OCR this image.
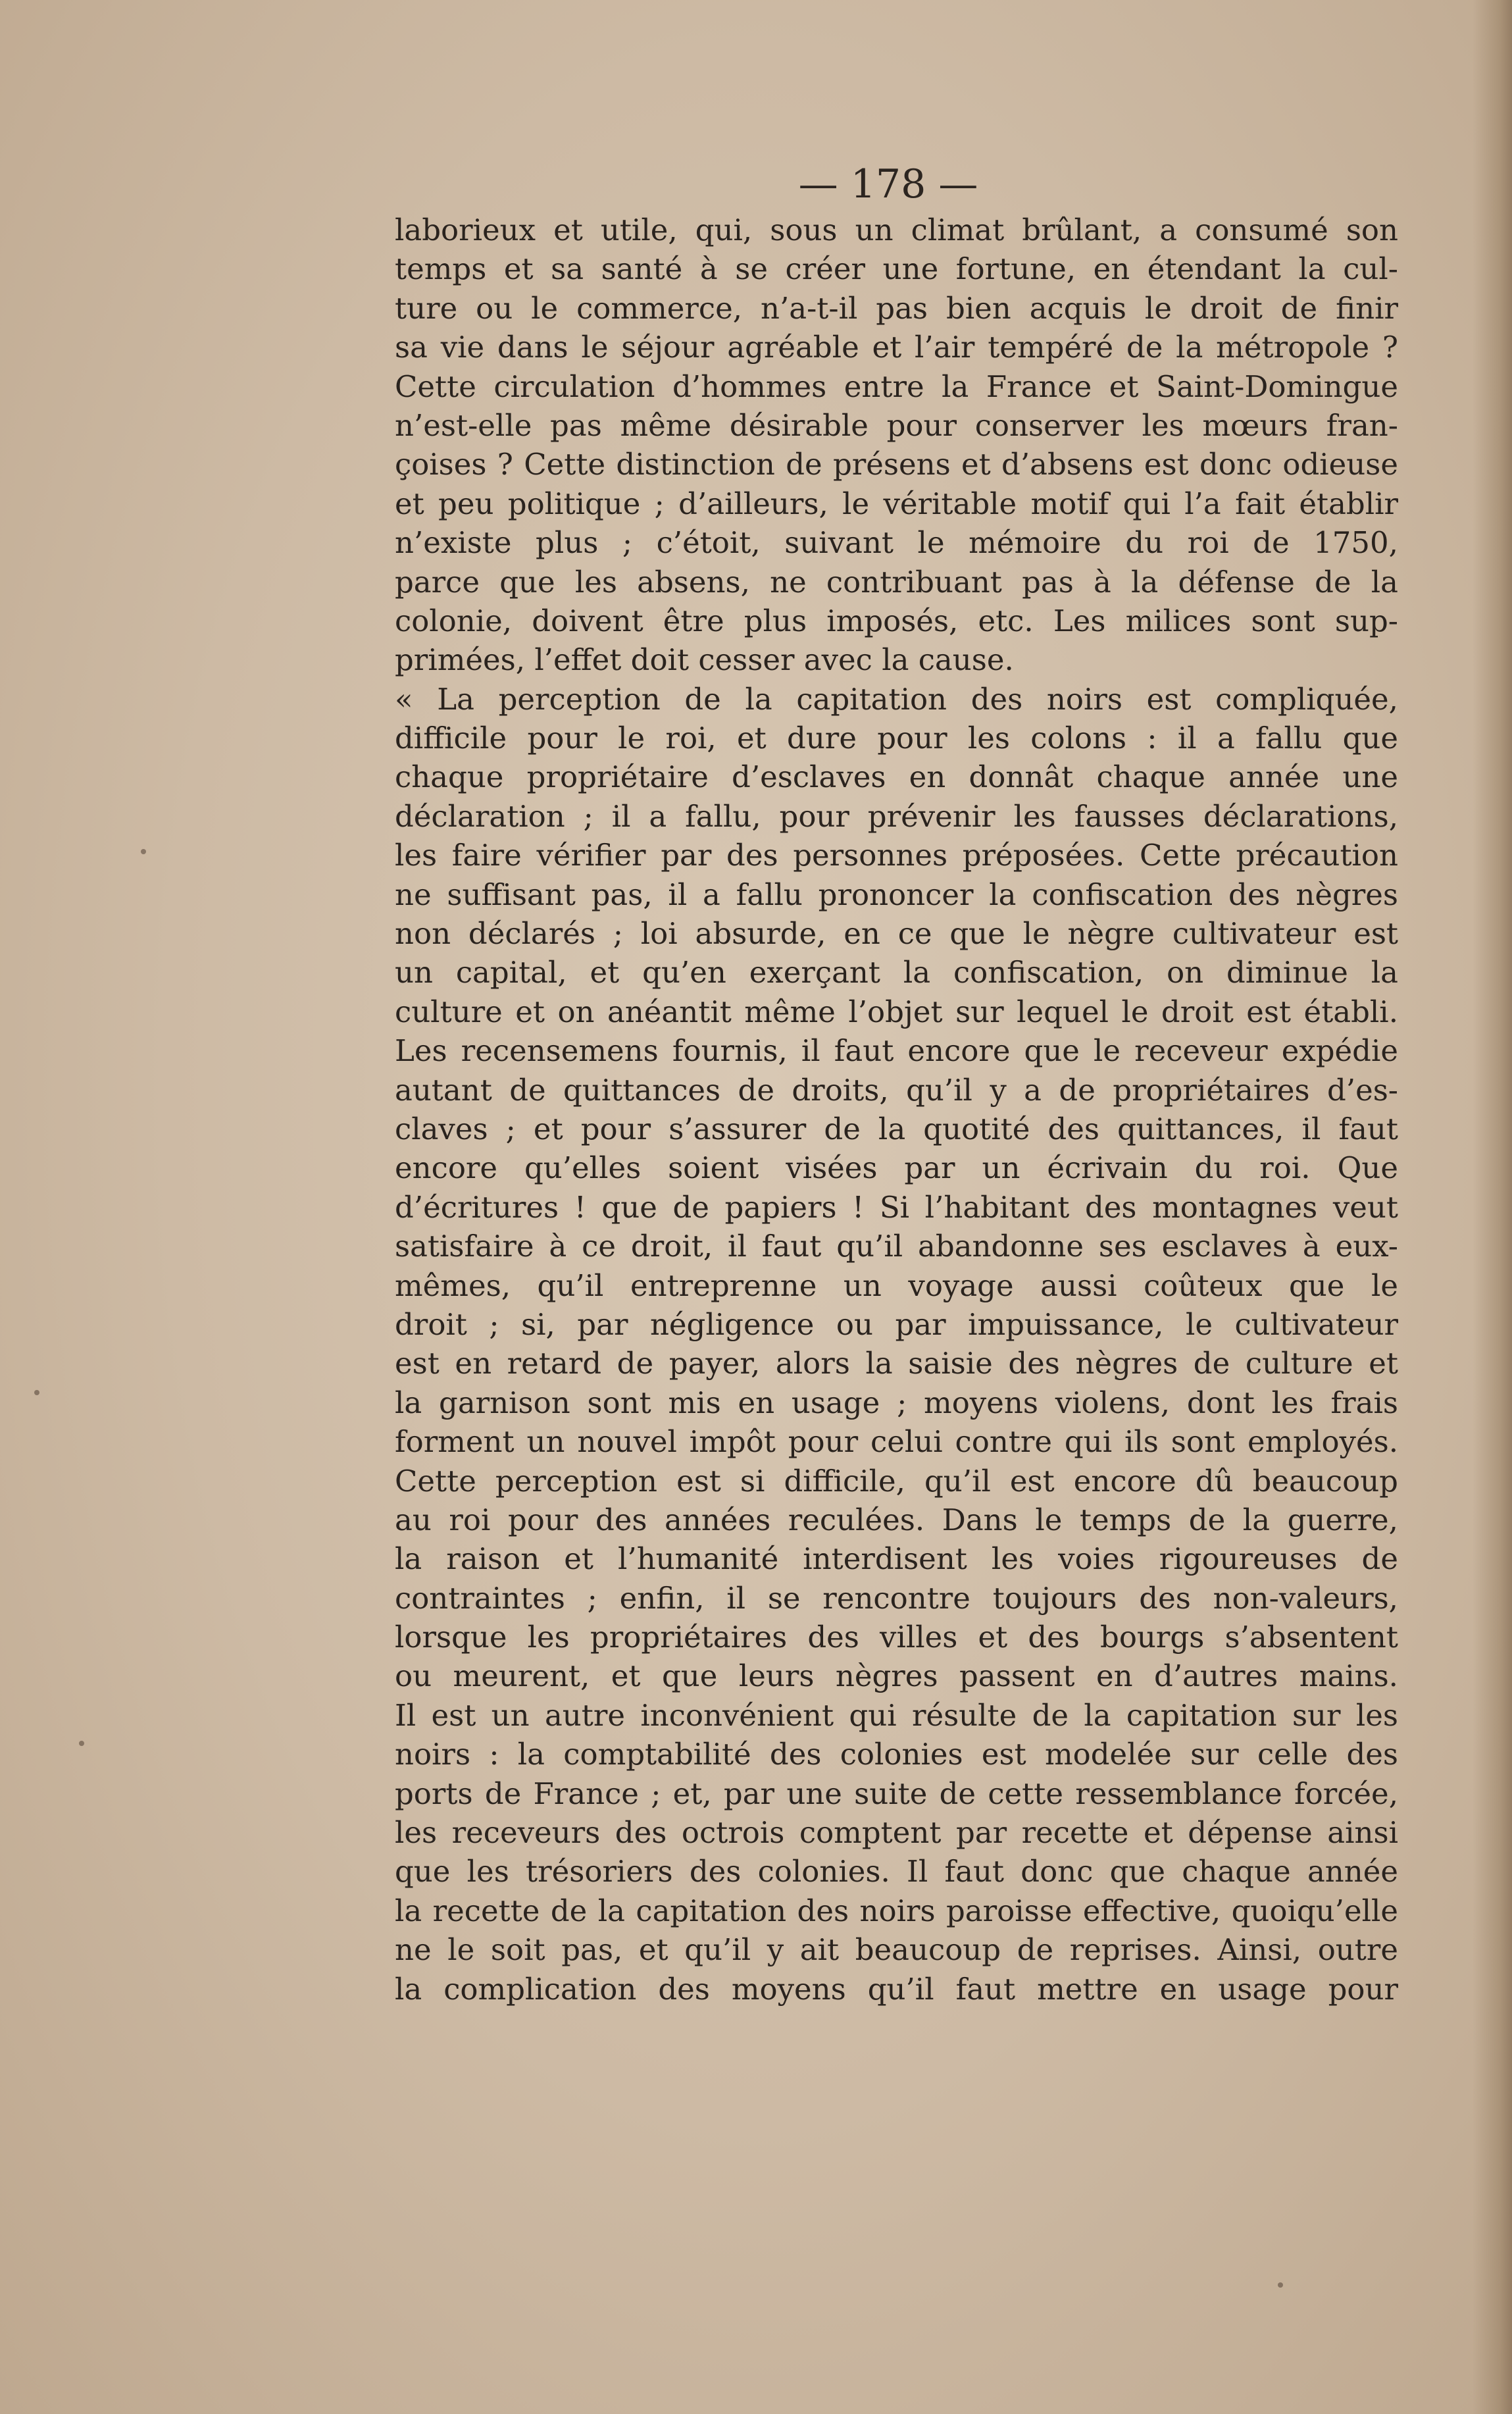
— 178 —
laborieux et utile, qui, sous un climat brûlant, a consumé son
temps et sa santé à se créer une fortune, en étendant la cul-
ture ou le commerce, n’a-t-il pas bien acquis le droit de finir
sa vie dans le séjour agréable et l’air tempéré de la métropole ?
Cette circulation d’hommes entre la France et Saint-Domingue
n’est-elle pas même désirable pour conserver les mœurs fran-
çoises ? Cette distinction de présens et d’absens est donc odieuse
et peu politique ; d’ailleurs, le véritable motif qui l’a fait établir
n’existe plus ; c’étoit, suivant le mémoire du roi de 1750,
parce que les absens, ne contribuant pas à la défense de la
colonie, doivent être plus imposés, etc. Les milices sont sup-
primées, l’effet doit cesser avec la cause.
« La perception de la capitation des noirs est compliquée,
difficile pour le roi, et dure pour les colons : il a fallu que
chaque propriétaire d’esclaves en donnât chaque année une
déclaration ; il a fallu, pour prévenir les fausses déclarations,
les faire vérifier par des personnes préposées. Cette précaution
ne suffisant pas, il a fallu prononcer la confiscation des nègres
non déclarés ; loi absurde, en ce que le nègre cultivateur est
un capital, et qu’en exerçant la confiscation, on diminue la
culture et on anéantit même l’objet sur lequel le droit est établi.
Les recensemens fournis, il faut encore que le receveur expédie
autant de quittances de droits, qu’il y a de propriétaires d’es-
claves ; et pour s’assurer de la quotité des quittances, il faut
encore qu’elles soient visées par un écrivain du roi. Que
d’écritures ! que de papiers ! Si l’habitant des montagnes veut
satisfaire à ce droit, il faut qu’il abandonne ses esclaves à eux-
mêmes, qu’il entreprenne un voyage aussi coûteux que le
droit ; si, par négligence ou par impuissance, le cultivateur
est en retard de payer, alors la saisie des nègres de culture et
la garnison sont mis en usage ; moyens violens, dont les frais
forment un nouvel impôt pour celui contre qui ils sont employés.
Cette perception est si difficile, qu’il est encore dû beaucoup
au roi pour des années reculées. Dans le temps de la guerre,
la raison et l’humanité interdisent les voies rigoureuses de
contraintes ; enfin, il se rencontre toujours des non-valeurs,
lorsque les propriétaires des villes et des bourgs s’absentent
ou meurent, et que leurs nègres passent en d’autres mains.
Il est un autre inconvénient qui résulte de la capitation sur les
noirs : la comptabilité des colonies est modelée sur celle des
ports de France ; et, par une suite de cette ressemblance forcée,
les receveurs des octrois comptent par recette et dépense ainsi
que les trésoriers des colonies. Il faut donc que chaque année
la recette de la capitation des noirs paroisse effective, quoiqu’elle
ne le soit pas, et qu’il y ait beaucoup de reprises. Ainsi, outre
la complication des moyens qu’il faut mettre en usage pour
